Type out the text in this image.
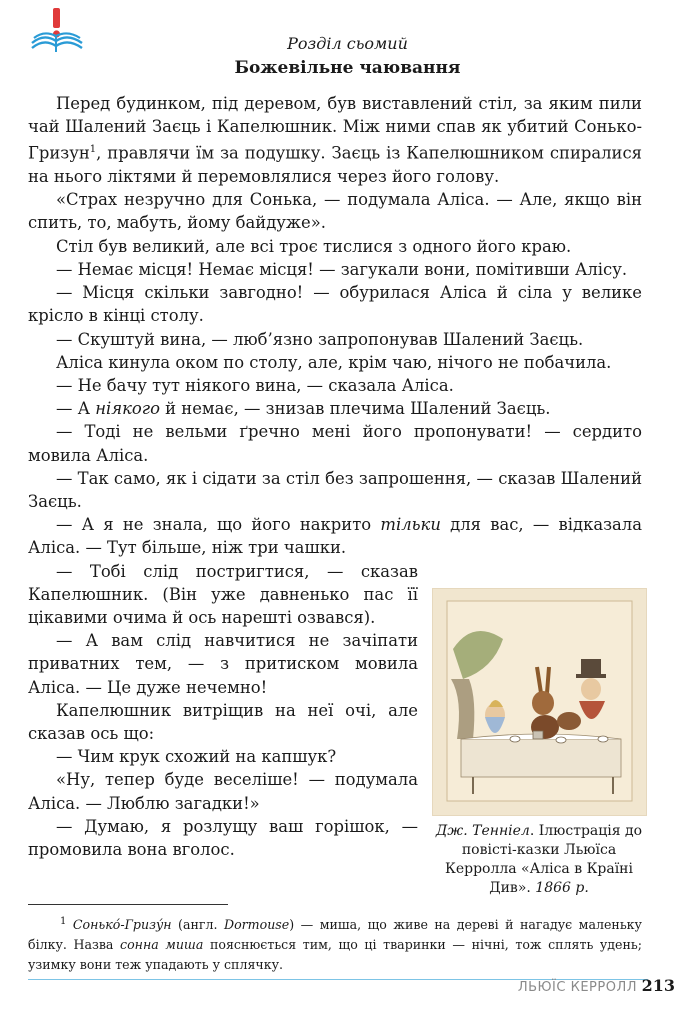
Розділ сьомий
Божевільне чаювання

Перед будинком, під деревом, був виставлений стіл, за яким пили чай Шалений Заєць і Капелюшник. Між ними спав як убитий Сонько-Гризун$^1$, правлячи їм за подушку. Заєць із Капелюшником спиралися на нього ліктями й перемовлялися через його голову.

«Страх незручно для Сонька, — подумала Аліса. — Але, якщо він спить, то, мабуть, йому байдуже».

Стіл був великий, але всі троє тислися з одного його краю.

— Немає місця! Немає місця! — загукали вони, помітивши Алісу.

— Місця скільки завгодно! — обурилася Аліса й сіла у велике крісло в кінці столу.

— Скуштуй вина, — люб’язно запропонував Шалений Заєць.

Аліса кинула оком по столу, але, крім чаю, нічого не побачила.

— Не бачу тут ніякого вина, — сказала Аліса.

— А ніякого й немає, — знизав плечима Шалений Заєць.

— Тоді не вельми ґречно мені його пропонувати! — сердито мовила Аліса.

— Так само, як і сідати за стіл без запрошення, — сказав Шалений Заєць.

— А я не знала, що його накрито тільки для вас, — відказала Аліса. — Тут більше, ніж три чашки.

— Тобі слід постригтися, — сказав Капелюшник. (Він уже давненько пас її цікавими очима й ось нарешті озвався).

— А вам слід навчитися не зачіпати приватних тем, — з притиском мовила Аліса. — Це дуже нечемно!

Капелюшник витріщив на неї очі, але сказав ось що:

— Чим крук схожий на капшук?

«Ну, тепер буде веселіше! — подумала Аліса. — Люблю загадки!»

— Думаю, я розлущу ваш горішок, — промовила вона вголос.

Дж. Тенніел. Ілюстрація до повісті-казки Льюїса Керролла «Аліса в Країні Див». 1866 р.

$^1$ Сонько́-Гризу́н (англ. Dormouse) — миша, що живе на дереві й нагадує маленьку білку. Назва сонна миша пояснюється тим, що ці тваринки — нічні, тож сплять удень; узимку вони теж упадають у сплячку.

ЛЬЮЇС КЕРРОЛЛ 213
